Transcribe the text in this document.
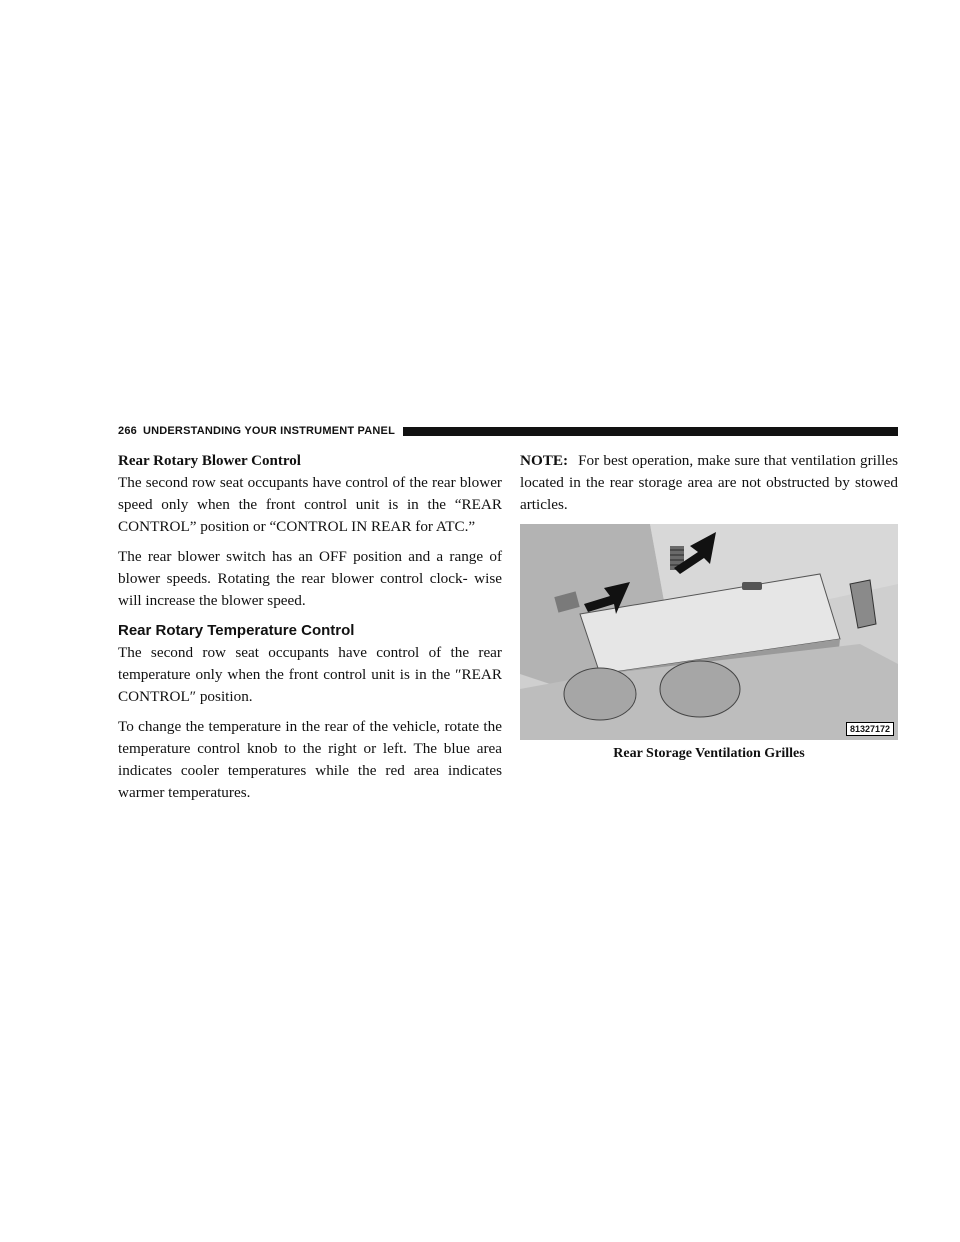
266 UNDERSTANDING YOUR INSTRUMENT PANEL
Rear Rotary Blower Control

The second row seat occupants have control of the rear blower speed only when the front control unit is in the “REAR CONTROL” position or “CONTROL IN REAR for ATC.”

The rear blower switch has an OFF position and a range of blower speeds. Rotating the rear blower control clock- wise will increase the blower speed.

Rear Rotary Temperature Control

The second row seat occupants have control of the rear temperature only when the front control unit is in the ″REAR CONTROL″ position.

To change the temperature in the rear of the vehicle, rotate the temperature control knob to the right or left. The blue area indicates cooler temperatures while the red area indicates warmer temperatures.

NOTE: For best operation, make sure that ventilation grilles located in the rear storage area are not obstructed by stowed articles.

81327172
Rear Storage Ventilation Grilles
